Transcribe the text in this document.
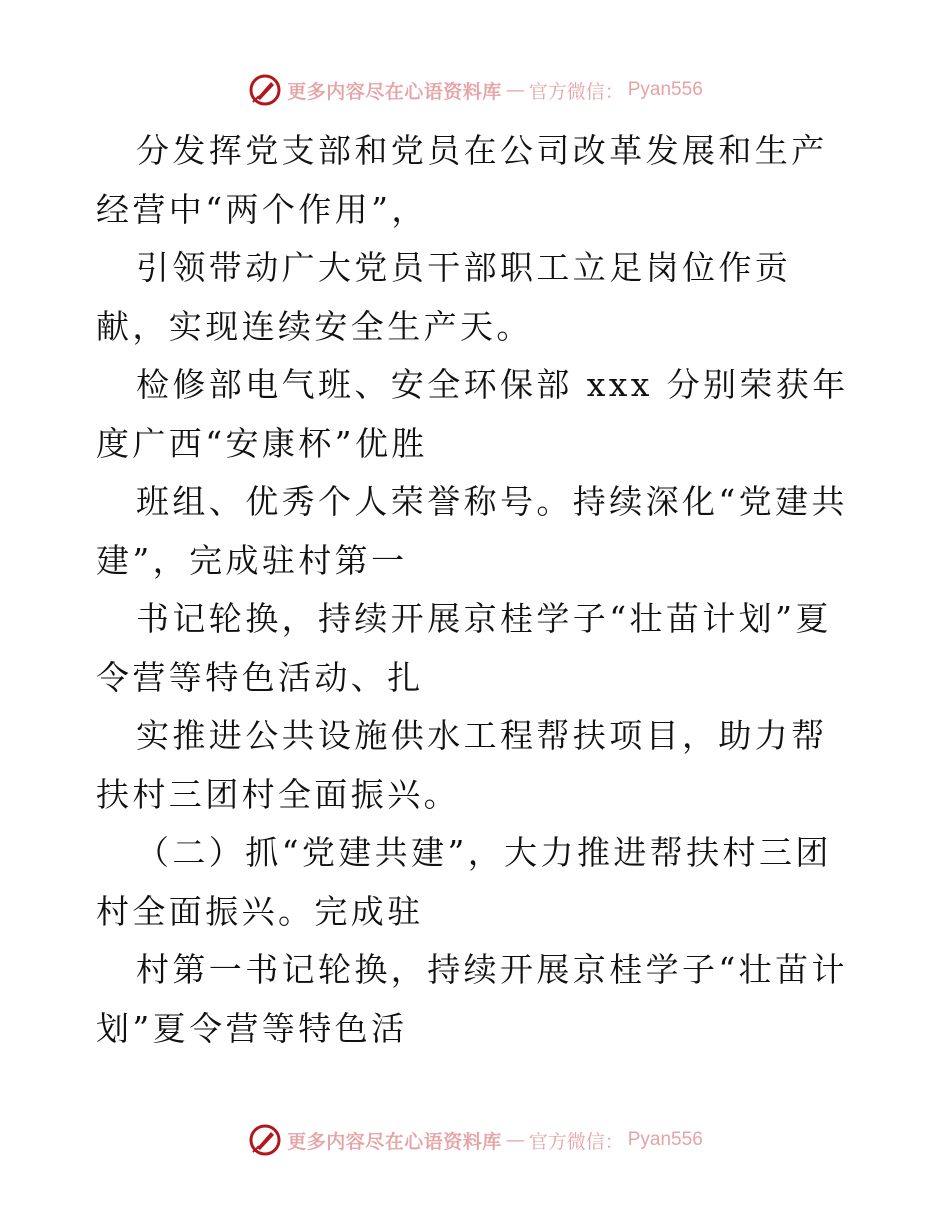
更多内容尽在心语资料库 — 官方微信： Pyan556

分发挥党支部和党员在公司改革发展和生产经营中“两个作用”，

引领带动广大党员干部职工立足岗位作贡献，实现连续安全生产天。

检修部电气班、安全环保部 xxx 分别荣获年度广西“安康杯”优胜

班组、优秀个人荣誉称号。持续深化“党建共建”，完成驻村第一

书记轮换，持续开展京桂学子“壮苗计划”夏令营等特色活动、扎

实推进公共设施供水工程帮扶项目，助力帮扶村三团村全面振兴。

（二）抓“党建共建”，大力推进帮扶村三团村全面振兴。完成驻

村第一书记轮换，持续开展京桂学子“壮苗计划”夏令营等特色活

更多内容尽在心语资料库 — 官方微信： Pyan556
